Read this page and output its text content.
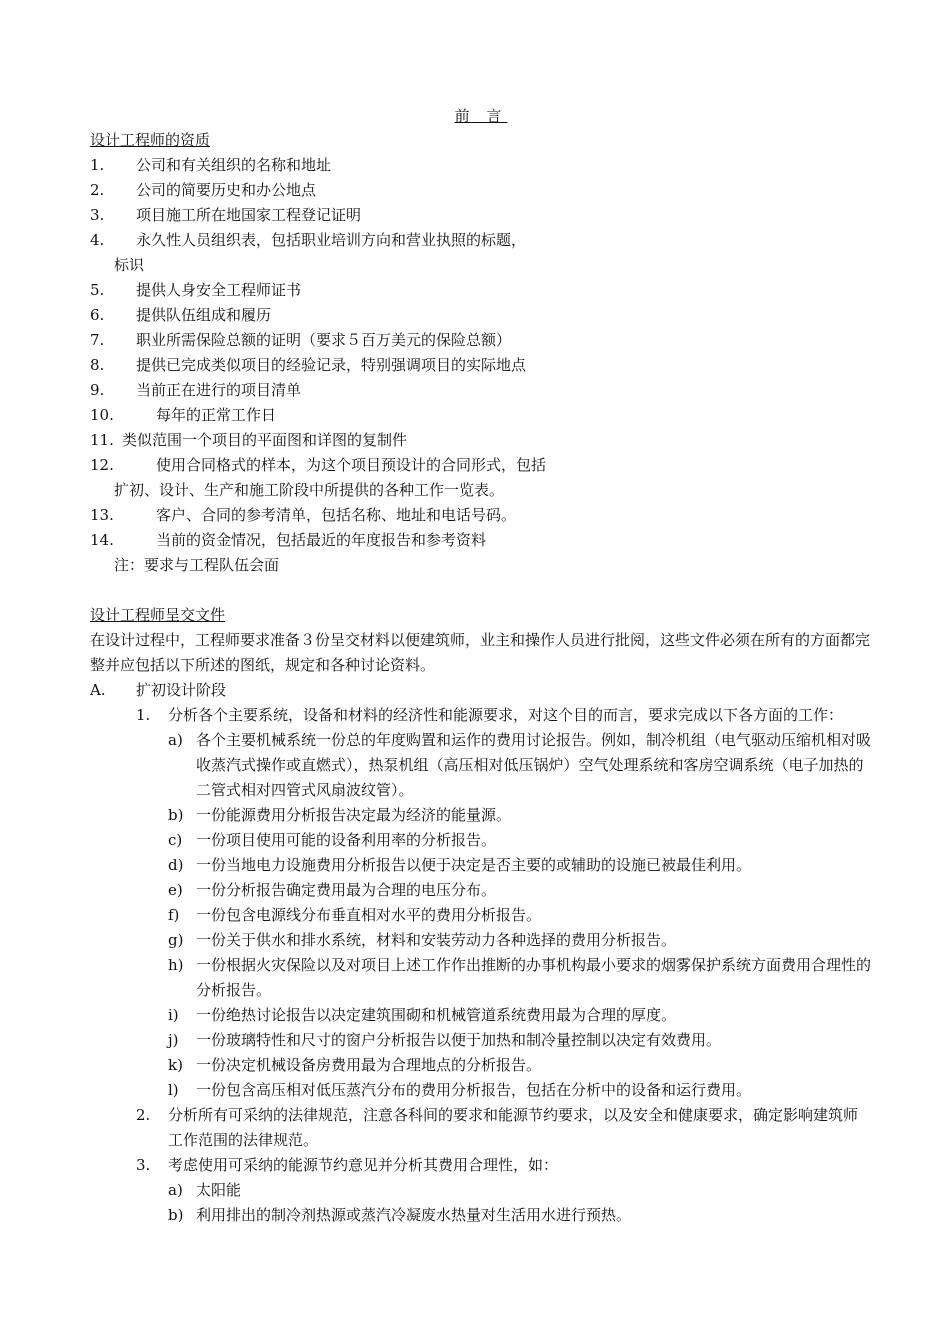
前 言
设计工程师的资质
1.	公司和有关组织的名称和地址
2.	公司的简要历史和办公地点
3.	项目施工所在地国家工程登记证明
4.	永久性人员组织表，包括职业培训方向和营业执照的标题，
标识
5.	提供人身安全工程师证书
6.	提供队伍组成和履历
7.	职业所需保险总额的证明（要求５百万美元的保险总额）
8.	提供已完成类似项目的经验记录，特别强调项目的实际地点
9.	当前正在进行的项目清单
10.	每年的正常工作日
11. 类似范围一个项目的平面图和详图的复制件
12.	使用合同格式的样本，为这个项目预设计的合同形式，包括
扩初、设计、生产和施工阶段中所提供的各种工作一览表。
13.	客户、合同的参考清单，包括名称、地址和电话号码。
14.	当前的资金情况，包括最近的年度报告和参考资料
注：要求与工程队伍会面
设计工程师呈交文件
在设计过程中，工程师要求准备３份呈交材料以便建筑师，业主和操作人员进行批阅，这些文件必须在所有的方面都完整并应包括以下所述的图纸，规定和各种讨论资料。
A.	扩初设计阶段
1.	分析各个主要系统，设备和材料的经济性和能源要求，对这个目的而言，要求完成以下各方面的工作：
a) 各个主要机械系统一份总的年度购置和运作的费用讨论报告。例如，制冷机组（电气驱动压缩机相对吸收蒸汽式操作或直燃式），热泵机组（高压相对低压锅炉）空气处理系统和客房空调系统（电子加热的二管式相对四管式风扇波纹管）。
b) 一份能源费用分析报告决定最为经济的能量源。
c) 一份项目使用可能的设备利用率的分析报告。
d) 一份当地电力设施费用分析报告以便于决定是否主要的或辅助的设施已被最佳利用。
e) 一份分析报告确定费用最为合理的电压分布。
f)	一份包含电源线分布垂直相对水平的费用分析报告。
g) 一份关于供水和排水系统，材料和安装劳动力各种选择的费用分析报告。
h) 一份根据火灾保险以及对项目上述工作作出推断的办事机构最小要求的烟雾保护系统方面费用合理性的分析报告。
i)	一份绝热讨论报告以决定建筑围砌和机械管道系统费用最为合理的厚度。
j)	一份玻璃特性和尺寸的窗户分析报告以便于加热和制冷量控制以决定有效费用。
k) 一份决定机械设备房费用最为合理地点的分析报告。
l)	一份包含高压相对低压蒸汽分布的费用分析报告，包括在分析中的设备和运行费用。
2.	分析所有可采纳的法律规范，注意各科间的要求和能源节约要求，以及安全和健康要求，确定影响建筑师工作范围的法律规范。
3.	考虑使用可采纳的能源节约意见并分析其费用合理性，如：
a) 太阳能
b) 利用排出的制冷剂热源或蒸汽冷凝废水热量对生活用水进行预热。
